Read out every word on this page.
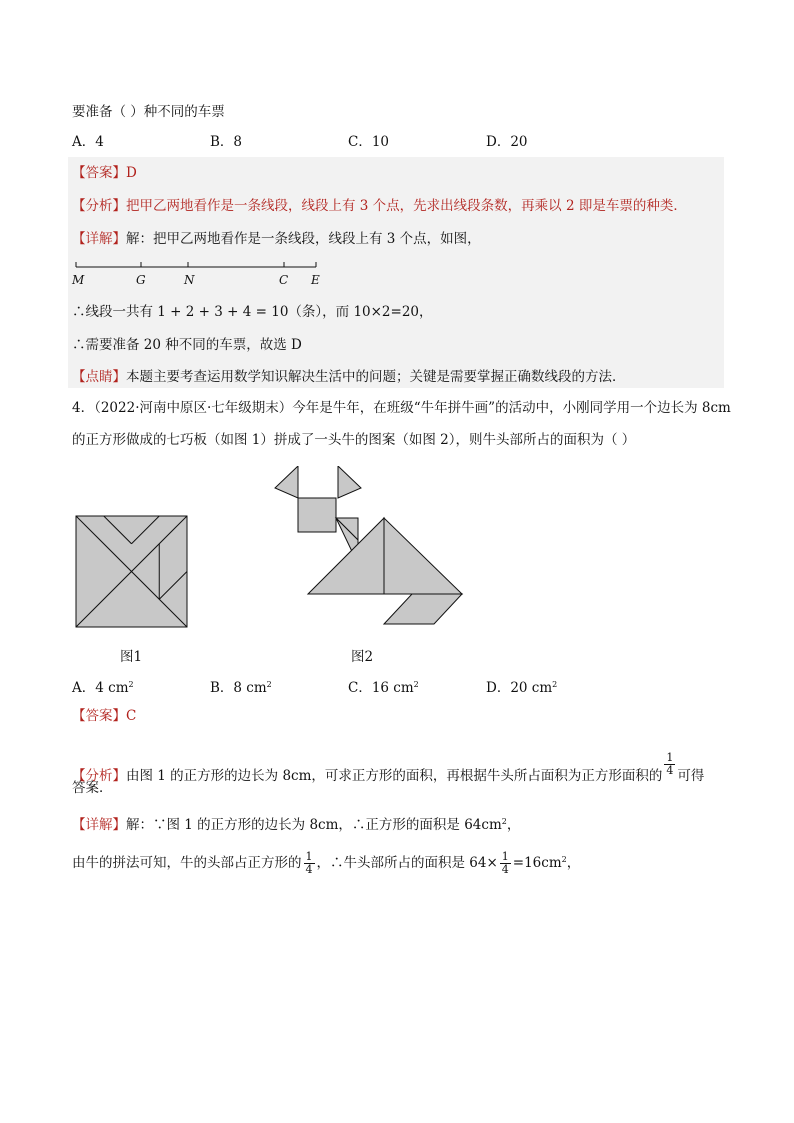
要准备（ ）种不同的车票
A．4	B．8	C．10	D．20
【答案】D
【分析】把甲乙两地看作是一条线段，线段上有 3 个点，先求出线段条数，再乘以 2 即是车票的种类．
【详解】解：把甲乙两地看作是一条线段，线段上有 3 个点，如图，
M	G	N	C E
∴线段一共有 1 + 2 + 3 + 4 = 10（条），而 10×2=20，
∴需要准备 20 种不同的车票，故选 D
【点睛】本题主要考查运用数学知识解决生活中的问题；关键是需要掌握正确数线段的方法．
4．（2022·河南中原区·七年级期末）今年是牛年，在班级“牛年拼牛画”的活动中，小刚同学用一个边长为 8cm
的正方形做成的七巧板（如图 1）拼成了一头牛的图案（如图 2），则牛头部所占的面积为（ ）
图1	图2
A．4 $cm^2$	B．8 $cm^2$	C．16 $cm^2$	D．20 $cm^2$
【答案】C
【分析】由图 1 的正方形的边长为 8cm，可求正方形的面积，再根据牛头所占面积为正方形面积的 $\frac{1}{4}$ 可得
答案．
【详解】解：∵图 1 的正方形的边长为 8cm，∴正方形的面积是 $64cm^2$，
由牛的拼法可知，牛的头部占正方形的 $\frac{1}{4}$ ，∴牛头部所占的面积是 $64\times \frac{1}{4} =16cm^2$，
